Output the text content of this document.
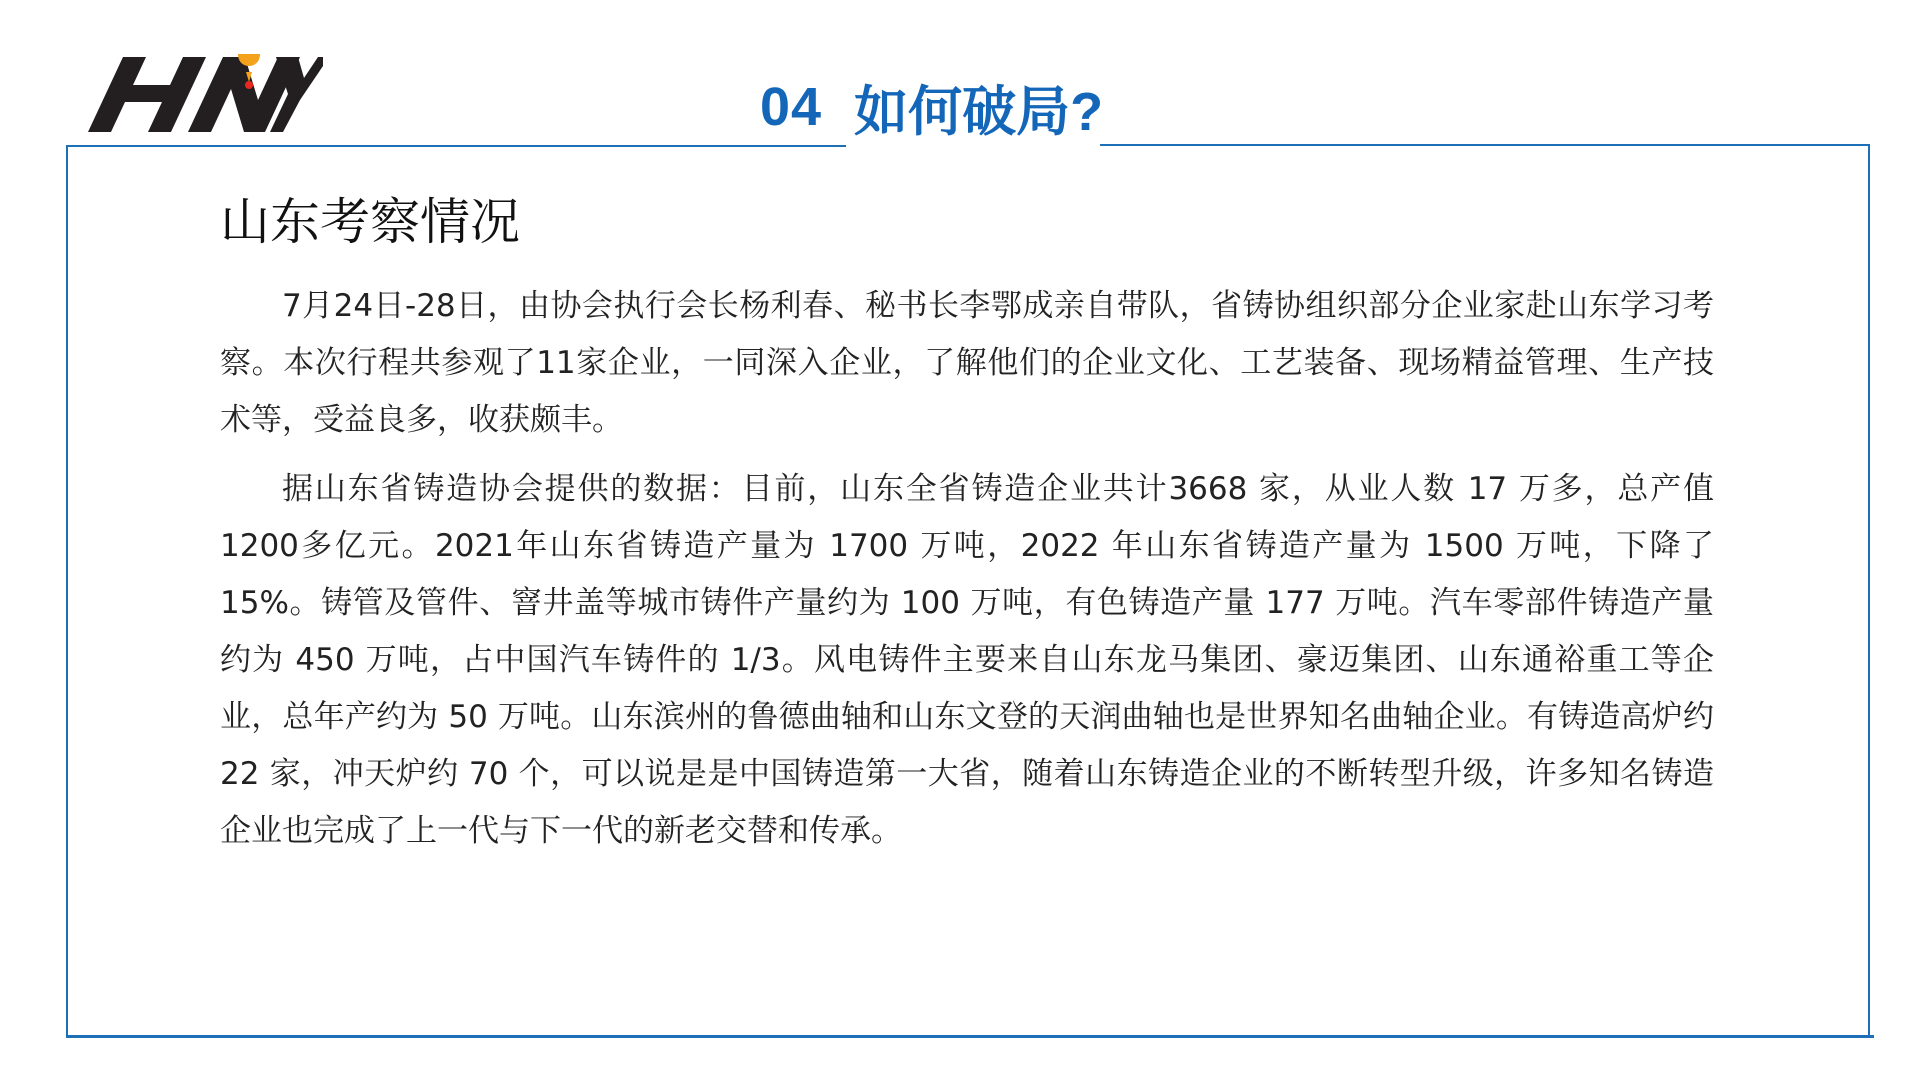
04 如何破局?
山东考察情况

7月24日-28日，由协会执行会长杨利春、秘书长李鄂成亲自带队，省铸协组织部分企业家赴山东学习考察。本次行程共参观了11家企业，一同深入企业，了解他们的企业文化、工艺装备、现场精益管理、生产技术等，受益良多，收获颇丰。

据山东省铸造协会提供的数据：目前，山东全省铸造企业共计3668 家，从业人数 17 万多，总产值 1200多亿元。2021年山东省铸造产量为 1700 万吨，2022 年山东省铸造产量为 1500 万吨，下降了 15%。铸管及管件、窨井盖等城市铸件产量约为 100 万吨，有色铸造产量 177 万吨。汽车零部件铸造产量约为 450 万吨，占中国汽车铸件的 1/3。风电铸件主要来自山东龙马集团、豪迈集团、山东通裕重工等企业，总年产约为 50 万吨。山东滨州的鲁德曲轴和山东文登的天润曲轴也是世界知名曲轴企业。有铸造高炉约 22 家，冲天炉约 70 个，可以说是是中国铸造第一大省，随着山东铸造企业的不断转型升级，许多知名铸造企业也完成了上一代与下一代的新老交替和传承。
